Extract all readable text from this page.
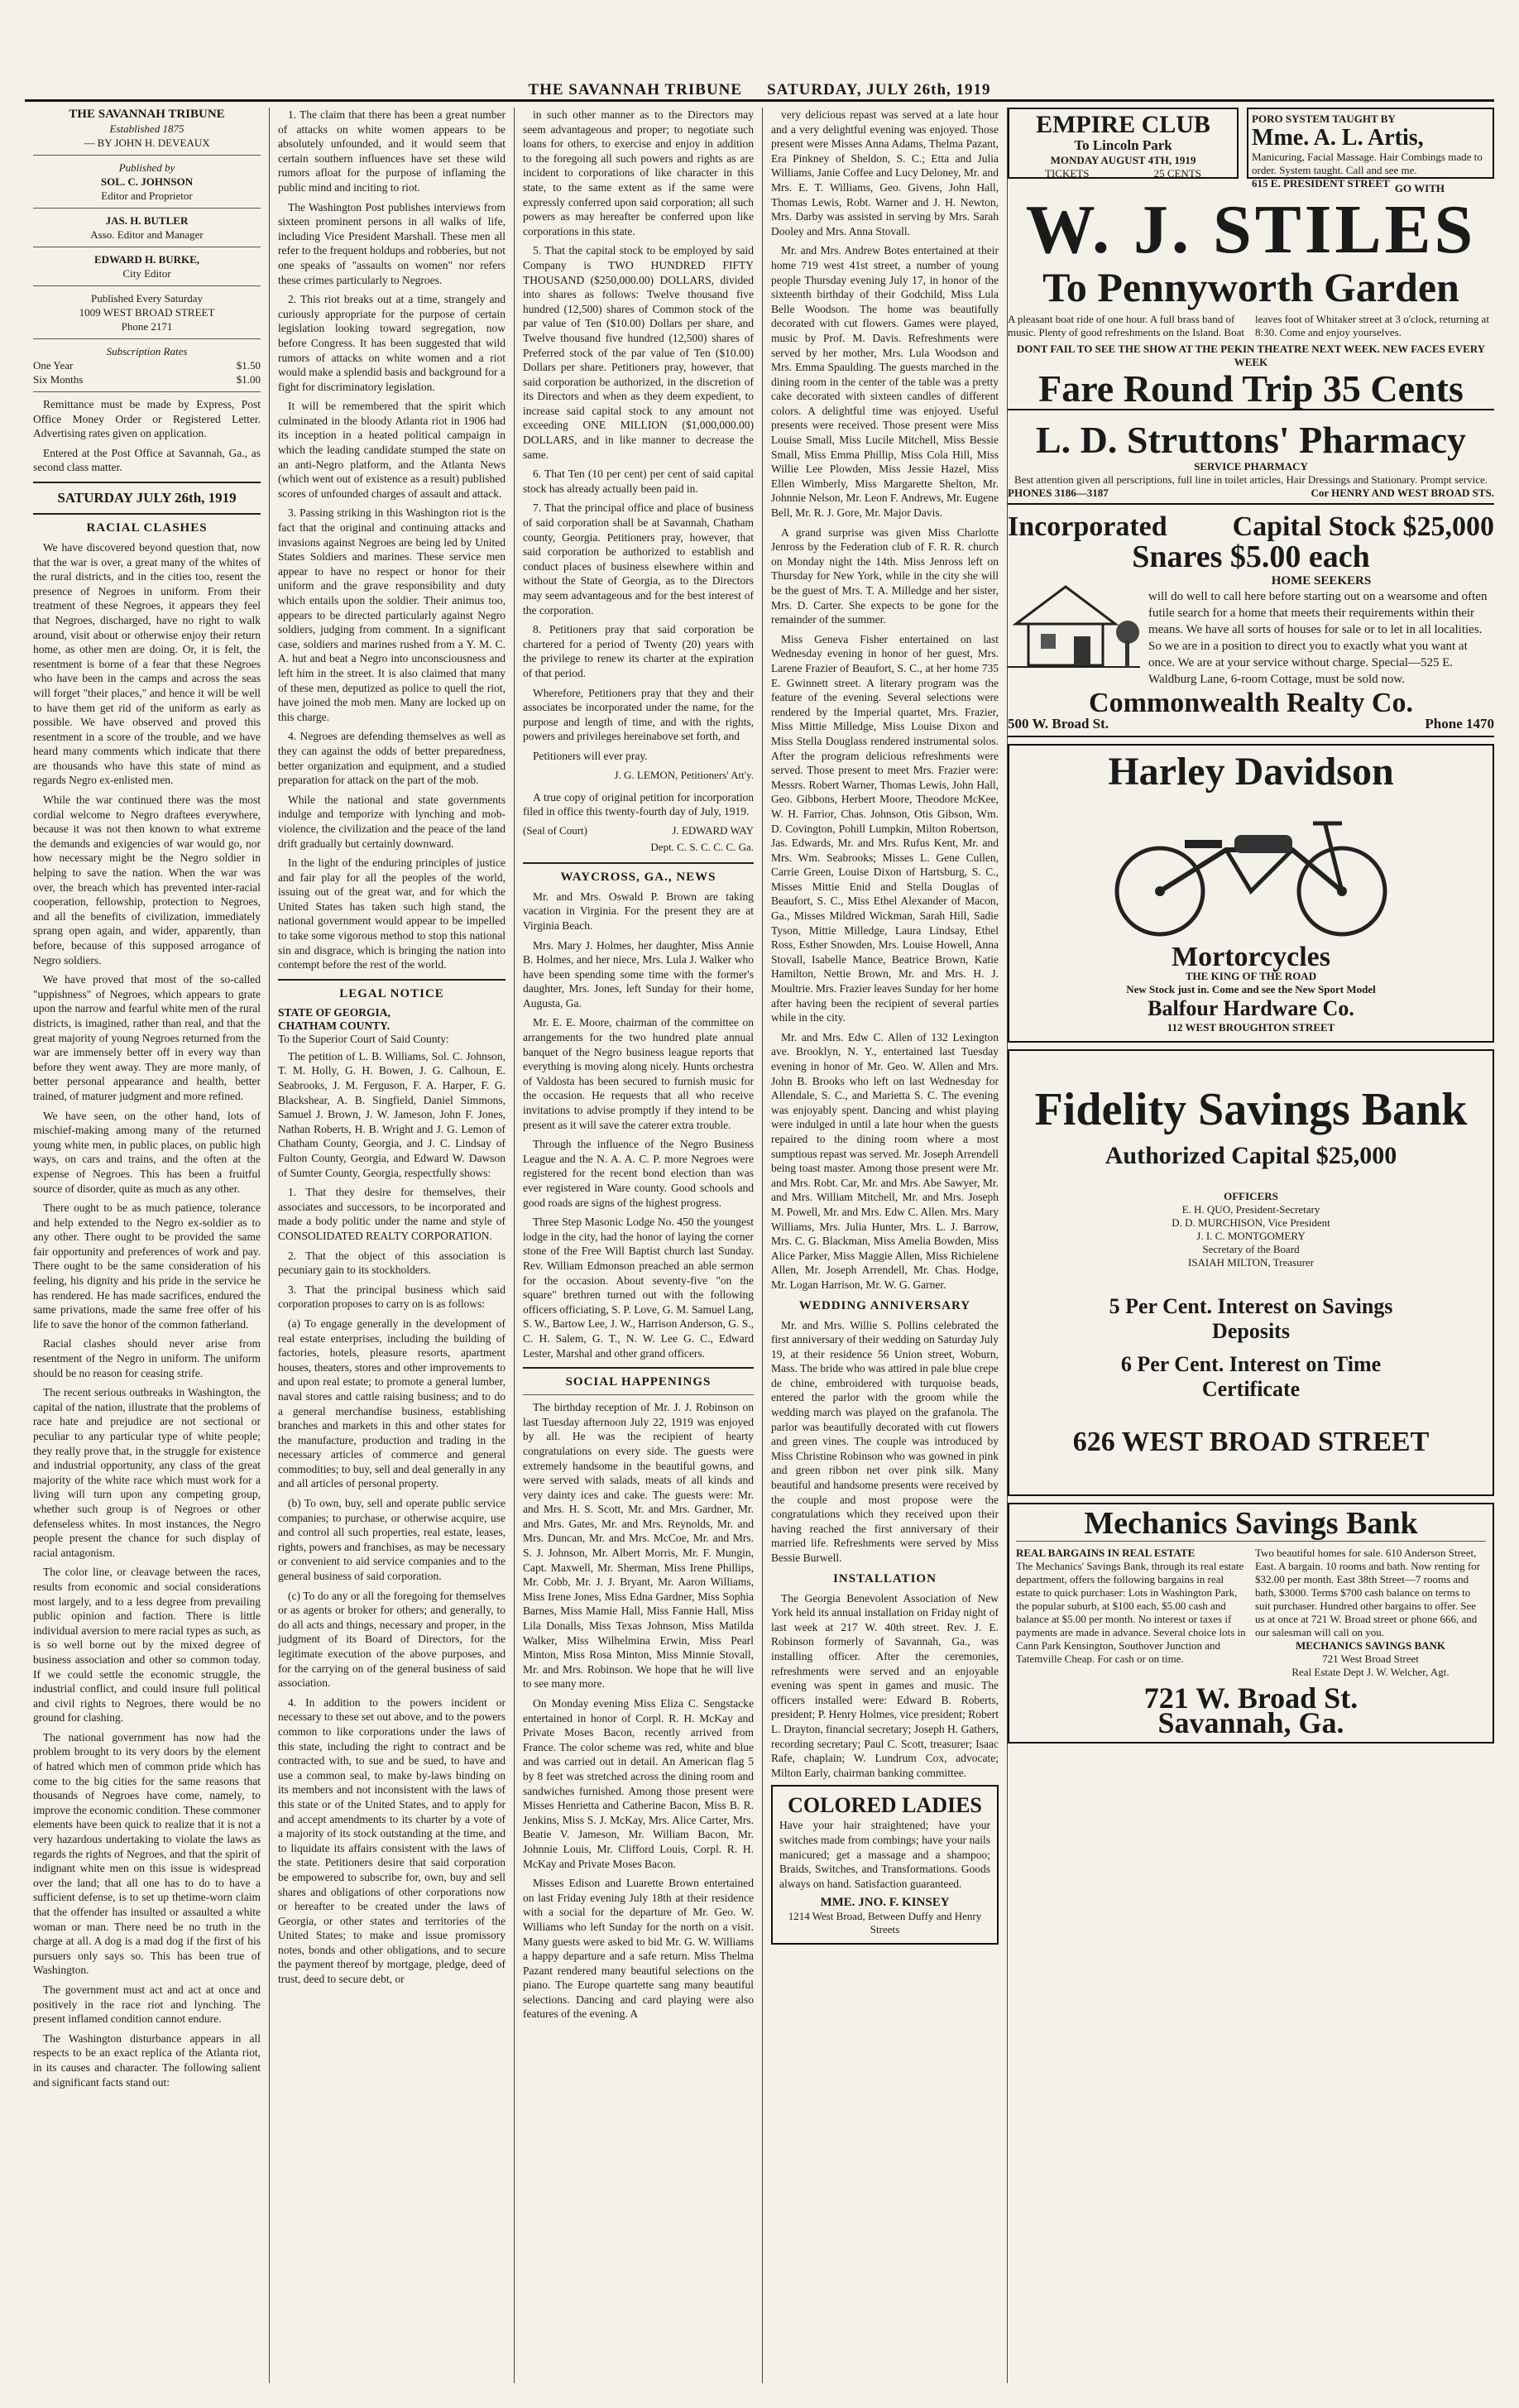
THE SAVANNAH TRIBUNE SATURDAY, JULY 26th, 1919
THE SAVANNAH TRIBUNE
Established 1875
— BY JOHN H. DEVEAUX
Published by
SOL. C. JOHNSON
Editor and Proprietor
JAS. H. BUTLER
Asso. Editor and Manager
EDWARD H. BURKE,
City Editor
Published Every Saturday
1009 WEST BROAD STREET
Phone 2171
Subscription Rates
One Year	$1.50
Six Months	$1.00

Remittance must be made by Express, Post Office Money Order or Registered Letter. Advertising rates given on application.

Entered at the Post Office at Savannah, Ga., as second class matter.

SATURDAY JULY 26th, 1919
RACIAL CLASHES

We have discovered beyond question that, now that the war is over, a great many of the whites of the rural districts, and in the cities too, resent the presence of Negroes in uniform. From their treatment of these Negroes, it appears they feel that Negroes, discharged, have no right to walk around, visit about or otherwise enjoy their return home, as other men are doing. Or, it is felt, the resentment is borne of a fear that these Negroes who have been in the camps and across the seas will forget "their places," and hence it will be well to have them get rid of the uniform as early as possible. We have observed and proved this resentment in a score of the trouble, and we have heard many comments which indicate that there are thousands who have this state of mind as regards Negro ex-enlisted men.

While the war continued there was the most cordial welcome to Negro draftees everywhere, because it was not then known to what extreme the demands and exigencies of war would go, nor how necessary might be the Negro soldier in helping to save the nation. When the war was over, the breach which has prevented inter-racial cooperation, fellowship, protection to Negroes, and all the benefits of civilization, immediately sprang open again, and wider, apparently, than before, because of this supposed arrogance of Negro soldiers.

We have proved that most of the so-called "uppishness" of Negroes, which appears to grate upon the narrow and fearful white men of the rural districts, is imagined, rather than real, and that the great majority of young Negroes returned from the war are immensely better off in every way than before they went away. They are more manly, of better personal appearance and health, better trained, of maturer judgment and more refined.

We have seen, on the other hand, lots of mischief-making among many of the returned young white men, in public places, on public high ways, on cars and trains, and the often at the expense of Negroes. This has been a fruitful source of disorder, quite as much as any other.

There ought to be as much patience, tolerance and help extended to the Negro ex-soldier as to any other. There ought to be provided the same fair opportunity and preferences of work and pay. There ought to be the same consideration of his feeling, his dignity and his pride in the service he has rendered. He has made sacrifices, endured the same privations, made the same free offer of his life to save the honor of the common fatherland.

Racial clashes should never arise from resentment of the Negro in uniform. The uniform should be no reason for ceasing strife.

The recent serious outbreaks in Washington, the capital of the nation, illustrate that the problems of race hate and prejudice are not sectional or peculiar to any particular type of white people; they really prove that, in the struggle for existence and industrial opportunity, any class of the great majority of the white race which must work for a living will turn upon any competing group, whether such group is of Negroes or other defenseless whites. In most instances, the Negro people present the chance for such display of racial antagonism.

The color line, or cleavage between the races, results from economic and social considerations most largely, and to a less degree from prevailing public opinion and faction. There is little individual aversion to mere racial types as such, as is so well borne out by the mixed degree of business association and other so common today. If we could settle the economic struggle, the industrial conflict, and could insure full political and civil rights to Negroes, there would be no ground for clashing.

The national government has now had the problem brought to its very doors by the element of hatred which men of common pride which has come to the big cities for the same reasons that thousands of Negroes have come, namely, to improve the economic condition. These commoner elements have been quick to realize that it is not a very hazardous undertaking to violate the laws as regards the rights of Negroes, and that the spirit of indignant white men on this issue is widespread over the land; that all one has to do to have a sufficient defense, is to set up thetime-worn claim that the offender has insulted or assaulted a white woman or man. There need be no truth in the charge at all. A dog is a mad dog if the first of his pursuers only says so. This has been true of Washington.

The government must act and act at once and positively in the race riot and lynching. The present inflamed condition cannot endure.

The Washington disturbance appears in all respects to be an exact replica of the Atlanta riot, in its causes and character. The following salient and significant facts stand out:

1. The claim that there has been a great number of attacks on white women appears to be absolutely unfounded, and it would seem that certain southern influences have set these wild rumors afloat for the purpose of inflaming the public mind and inciting to riot.

The Washington Post publishes interviews from sixteen prominent persons in all walks of life, including Vice President Marshall. These men all refer to the frequent holdups and robberies, but not one speaks of "assaults on women" nor refers these crimes particularly to Negroes.

2. This riot breaks out at a time, strangely and curiously appropriate for the purpose of certain legislation looking toward segregation, now before Congress. It has been suggested that wild rumors of attacks on white women and a riot would make a splendid basis and background for a fight for discriminatory legislation.

It will be remembered that the spirit which culminated in the bloody Atlanta riot in 1906 had its inception in a heated political campaign in which the leading candidate stumped the state on an anti-Negro platform, and the Atlanta News (which went out of existence as a result) published scores of unfounded charges of assault and attack.

3. Passing striking in this Washington riot is the fact that the original and continuing attacks and invasions against Negroes are being led by United States Soldiers and marines. These service men appear to have no respect or honor for their uniform and the grave responsibility and duty which entails upon the soldier. Their animus too, appears to be directed particularly against Negro soldiers, judging from comment. In a significant case, soldiers and marines rushed from a Y. M. C. A. hut and beat a Negro into unconsciousness and left him in the street. It is also claimed that many of these men, deputized as police to quell the riot, have joined the mob men. Many are locked up on this charge.

4. Negroes are defending themselves as well as they can against the odds of better preparedness, better organization and equipment, and a studied preparation for attack on the part of the mob.

While the national and state governments indulge and temporize with lynching and mob-violence, the civilization and the peace of the land drift gradually but certainly downward.

In the light of the enduring principles of justice and fair play for all the peoples of the world, issuing out of the great war, and for which the United States has taken such high stand, the national government would appear to be impelled to take some vigorous method to stop this national sin and disgrace, which is bringing the nation into contempt before the rest of the world.

LEGAL NOTICE
STATE OF GEORGIA,
CHATHAM COUNTY.
To the Superior Court of Said County:

The petition of L. B. Williams, Sol. C. Johnson, T. M. Holly, G. H. Bowen, J. G. Calhoun, E. Seabrooks, J. M. Ferguson, F. A. Harper, F. G. Blackshear, A. B. Singfield, Daniel Simmons, Samuel J. Brown, J. W. Jameson, John F. Jones, Nathan Roberts, H. B. Wright and J. G. Lemon of Chatham County, Georgia, and J. C. Lindsay of Fulton County, Georgia, and Edward W. Dawson of Sumter County, Georgia, respectfully shows:

1. That they desire for themselves, their associates and successors, to be incorporated and made a body politic under the name and style of CONSOLIDATED REALTY CORPORATION.

2. That the object of this association is pecuniary gain to its stockholders.

3. That the principal business which said corporation proposes to carry on is as follows:

(a) To engage generally in the development of real estate enterprises, including the building of factories, hotels, pleasure resorts, apartment houses, theaters, stores and other improvements to and upon real estate; to promote a general lumber, naval stores and cattle raising business; and to do a general merchandise business, establishing branches and markets in this and other states for the manufacture, production and trading in the necessary articles of commerce and general commodities; to buy, sell and deal generally in any and all articles of personal property.

(b) To own, buy, sell and operate public service companies; to purchase, or otherwise acquire, use and control all such properties, real estate, leases, rights, powers and franchises, as may be necessary or convenient to aid service companies and to the general business of said corporation.

(c) To do any or all the foregoing for themselves or as agents or broker for others; and generally, to do all acts and things, necessary and proper, in the judgment of its Board of Directors, for the legitimate execution of the above purposes, and for the carrying on of the general business of said association.

4. In addition to the powers incident or necessary to these set out above, and to the powers common to like corporations under the laws of this state, including the right to contract and be contracted with, to sue and be sued, to have and use a common seal, to make by-laws binding on its members and not inconsistent with the laws of this state or of the United States, and to apply for and accept amendments to its charter by a vote of a majority of its stock outstanding at the time, and to liquidate its affairs consistent with the laws of the state. Petitioners desire that said corporation be empowered to subscribe for, own, buy and sell shares and obligations of other corporations now or hereafter to be created under the laws of Georgia, or other states and territories of the United States; to make and issue promissory notes, bonds and other obligations, and to secure the payment thereof by mortgage, pledge, deed of trust, deed to secure debt, or

in such other manner as to the Directors may seem advantageous and proper; to negotiate such loans for others, to exercise and enjoy in addition to the foregoing all such powers and rights as are incident to corporations of like character in this state, to the same extent as if the same were expressly conferred upon said corporation; all such powers as may hereafter be conferred upon like corporations in this state.

5. That the capital stock to be employed by said Company is TWO HUNDRED FIFTY THOUSAND ($250,000.00) DOLLARS, divided into shares as follows: Twelve thousand five hundred (12,500) shares of Common stock of the par value of Ten ($10.00) Dollars per share, and Twelve thousand five hundred (12,500) shares of Preferred stock of the par value of Ten ($10.00) Dollars per share. Petitioners pray, however, that said corporation be authorized, in the discretion of its Directors and when as they deem expedient, to increase said capital stock to any amount not exceeding ONE MILLION ($1,000,000.00) DOLLARS, and in like manner to decrease the same.

6. That Ten (10 per cent) per cent of said capital stock has already actually been paid in.

7. That the principal office and place of business of said corporation shall be at Savannah, Chatham county, Georgia. Petitioners pray, however, that said corporation be authorized to establish and conduct places of business elsewhere within and without the State of Georgia, as to the Directors may seem advantageous and for the best interest of the corporation.

8. Petitioners pray that said corporation be chartered for a period of Twenty (20) years with the privilege to renew its charter at the expiration of that period.

Wherefore, Petitioners pray that they and their associates be incorporated under the name, for the purpose and length of time, and with the rights, powers and privileges hereinabove set forth, and

Petitioners will ever pray.

J. G. LEMON, Petitioners' Att'y.

A true copy of original petition for incorporation filed in office this twenty-fourth day of July, 1919.

(Seal of Court)	J. EDWARD WAY
Dept. C. S. C. C. C. Ga.
WAYCROSS, GA., NEWS

Mr. and Mrs. Oswald P. Brown are taking vacation in Virginia. For the present they are at Virginia Beach.

Mrs. Mary J. Holmes, her daughter, Miss Annie B. Holmes, and her niece, Mrs. Lula J. Walker who have been spending some time with the former's daughter, Mrs. Jones, left Sunday for their home, Augusta, Ga.

Mr. E. E. Moore, chairman of the committee on arrangements for the two hundred plate annual banquet of the Negro business league reports that everything is moving along nicely. Hunts orchestra of Valdosta has been secured to furnish music for the occasion. He requests that all who receive invitations to advise promptly if they intend to be present as it will save the caterer extra trouble.

Through the influence of the Negro Business League and the N. A. A. C. P. more Negroes were registered for the recent bond election than was ever registered in Ware county. Good schools and good roads are signs of the highest progress.

Three Step Masonic Lodge No. 450 the youngest lodge in the city, had the honor of laying the corner stone of the Free Will Baptist church last Sunday. Rev. William Edmonson preached an able sermon for the occasion. About seventy-five "on the square" brethren turned out with the following officers officiating, S. P. Love, G. M. Samuel Lang, S. W., Bartow Lee, J. W., Harrison Anderson, G. S., C. H. Salem, G. T., N. W. Lee G. C., Edward Lester, Marshal and other grand officers.

SOCIAL HAPPENINGS

The birthday reception of Mr. J. J. Robinson on last Tuesday afternoon July 22, 1919 was enjoyed by all. He was the recipient of hearty congratulations on every side. The guests were extremely handsome in the beautiful gowns, and were served with salads, meats of all kinds and very dainty ices and cake. The guests were: Mr. and Mrs. H. S. Scott, Mr. and Mrs. Gardner, Mr. and Mrs. Gates, Mr. and Mrs. Reynolds, Mr. and Mrs. Duncan, Mr. and Mrs. McCoe, Mr. and Mrs. S. J. Johnson, Mr. Albert Morris, Mr. F. Mungin, Capt. Maxwell, Mr. Sherman, Miss Irene Phillips, Mr. Cobb, Mr. J. J. Bryant, Mr. Aaron Williams, Miss Irene Jones, Miss Edna Gardner, Miss Sophia Barnes, Miss Mamie Hall, Miss Fannie Hall, Miss Lila Donalls, Miss Texas Johnson, Miss Matilda Walker, Miss Wilhelmina Erwin, Miss Pearl Minton, Miss Rosa Minton, Miss Minnie Stovall, Mr. and Mrs. Robinson. We hope that he will live to see many more.

On Monday evening Miss Eliza C. Sengstacke entertained in honor of Corpl. R. H. McKay and Private Moses Bacon, recently arrived from France. The color scheme was red, white and blue and was carried out in detail. An American flag 5 by 8 feet was stretched across the dining room and sandwiches furnished. Among those present were Misses Henrietta and Catherine Bacon, Miss B. R. Jenkins, Miss S. J. McKay, Mrs. Alice Carter, Mrs. Beatie V. Jameson, Mr. William Bacon, Mr. Johnnie Louis, Mr. Clifford Louis, Corpl. R. H. McKay and Private Moses Bacon.

Misses Edison and Luarette Brown entertained on last Friday evening July 18th at their residence with a social for the departure of Mr. Geo. W. Williams who left Sunday for the north on a visit. Many guests were asked to bid Mr. G. W. Williams a happy departure and a safe return. Miss Thelma Pazant rendered many beautiful selections on the piano. The Europe quartette sang many beautiful selections. Dancing and card playing were also features of the evening. A

very delicious repast was served at a late hour and a very delightful evening was enjoyed. Those present were Misses Anna Adams, Thelma Pazant, Era Pinkney of Sheldon, S. C.; Etta and Julia Williams, Janie Coffee and Lucy Deloney, Mr. and Mrs. E. T. Williams, Geo. Givens, John Hall, Thomas Lewis, Robt. Warner and J. H. Newton, Mrs. Darby was assisted in serving by Mrs. Sarah Dooley and Mrs. Anna Stovall.

Mr. and Mrs. Andrew Botes entertained at their home 719 west 41st street, a number of young people Thursday evening July 17, in honor of the sixteenth birthday of their Godchild, Miss Lula Belle Woodson. The home was beautifully decorated with cut flowers. Games were played, music by Prof. M. Davis. Refreshments were served by her mother, Mrs. Lula Woodson and Mrs. Emma Spaulding. The guests marched in the dining room in the center of the table was a pretty cake decorated with sixteen candles of different colors. A delightful time was enjoyed. Useful presents were received. Those present were Miss Louise Small, Miss Lucile Mitchell, Miss Bessie Small, Miss Emma Phillip, Miss Cola Hill, Miss Willie Lee Plowden, Miss Jessie Hazel, Miss Ellen Wimberly, Miss Margarette Shelton, Mr. Johnnie Nelson, Mr. Leon F. Andrews, Mr. Eugene Bell, Mr. R. J. Gore, Mr. Major Davis.

A grand surprise was given Miss Charlotte Jenross by the Federation club of F. R. R. church on Monday night the 14th. Miss Jenross left on Thursday for New York, while in the city she will be the guest of Mrs. T. A. Milledge and her sister, Mrs. D. Carter. She expects to be gone for the remainder of the summer.

Miss Geneva Fisher entertained on last Wednesday evening in honor of her guest, Mrs. Larene Frazier of Beaufort, S. C., at her home 735 E. Gwinnett street. A literary program was the feature of the evening. Several selections were rendered by the Imperial quartet, Mrs. Frazier, Miss Mittie Milledge, Miss Louise Dixon and Miss Stella Douglass rendered instrumental solos. After the program delicious refreshments were served. Those present to meet Mrs. Frazier were: Messrs. Robert Warner, Thomas Lewis, John Hall, Geo. Gibbons, Herbert Moore, Theodore McKee, W. H. Farrior, Chas. Johnson, Otis Gibson, Wm. D. Covington, Pohill Lumpkin, Milton Robertson, Jas. Edwards, Mr. and Mrs. Rufus Kent, Mr. and Mrs. Wm. Seabrooks; Misses L. Gene Cullen, Carrie Green, Louise Dixon of Hartsburg, S. C., Misses Mittie Enid and Stella Douglas of Beaufort, S. C., Miss Ethel Alexander of Macon, Ga., Misses Mildred Wickman, Sarah Hill, Sadie Tyson, Mittie Milledge, Laura Lindsay, Ethel Ross, Esther Snowden, Mrs. Louise Howell, Anna Stovall, Isabelle Mance, Beatrice Brown, Katie Hamilton, Nettie Brown, Mr. and Mrs. H. J. Moultrie. Mrs. Frazier leaves Sunday for her home after having been the recipient of several parties while in the city.

Mr. and Mrs. Edw C. Allen of 132 Lexington ave. Brooklyn, N. Y., entertained last Tuesday evening in honor of Mr. Geo. W. Allen and Mrs. John B. Brooks who left on last Wednesday for Allendale, S. C., and Marietta S. C. The evening was enjoyably spent. Dancing and whist playing were indulged in until a late hour when the guests repaired to the dining room where a most sumptious repast was served. Mr. Joseph Arrendell being toast master. Among those present were Mr. and Mrs. Robt. Car, Mr. and Mrs. Abe Sawyer, Mr. and Mrs. William Mitchell, Mr. and Mrs. Joseph M. Powell, Mr. and Mrs. Edw C. Allen. Mrs. Mary Williams, Mrs. Julia Hunter, Mrs. L. J. Barrow, Mrs. C. G. Blackman, Miss Amelia Bowden, Miss Alice Parker, Miss Maggie Allen, Miss Richielene Allen, Mr. Joseph Arrendell, Mr. Chas. Hodge, Mr. Logan Harrison, Mr. W. G. Garner.

WEDDING ANNIVERSARY

Mr. and Mrs. Willie S. Pollins celebrated the first anniversary of their wedding on Saturday July 19, at their residence 56 Union street, Woburn, Mass. The bride who was attired in pale blue crepe de chine, embroidered with turquoise beads, entered the parlor with the groom while the wedding march was played on the grafanola. The parlor was beautifully decorated with cut flowers and green vines. The couple was introduced by Miss Christine Robinson who was gowned in pink and green ribbon net over pink silk. Many beautiful and handsome presents were received by the couple and most propose were the congratulations which they received upon their having reached the first anniversary of their married life. Refreshments were served by Miss Bessie Burwell.

INSTALLATION

The Georgia Benevolent Association of New York held its annual installation on Friday night of last week at 217 W. 40th street. Rev. J. E. Robinson formerly of Savannah, Ga., was installing officer. After the ceremonies, refreshments were served and an enjoyable evening was spent in games and music. The officers installed were: Edward B. Roberts, president; P. Henry Holmes, vice president; Robert L. Drayton, financial secretary; Joseph H. Gathers, recording secretary; Paul C. Scott, treasurer; Isaac Rafe, chaplain; W. Lundrum Cox, advocate; Milton Early, chairman banking committee.

COLORED LADIES

Have your hair straightened; have your switches made from combings; have your nails manicured; get a massage and a shampoo; Braids, Switches, and Transformations. Goods always on hand. Satisfaction guaranteed.

MME. JNO. F. KINSEY
1214 West Broad, Between Duffy and Henry Streets
EMPIRE CLUB
To Lincoln Park
MONDAY AUGUST 4TH, 1919
TICKETS	25 CENTS
PORO SYSTEM TAUGHT BY
Mme. A. L. Artis,
Manicuring, Facial Massage. Hair Combings made to order. System taught. Call and see me.
615 E. PRESIDENT STREET GO WITH
W. J. STILES
To Pennyworth Garden
A pleasant boat ride of one hour. A full brass band of music. Plenty of good refreshments on the Island. Boat
leaves foot of Whitaker street at 3 o'clock, returning at 8:30. Come and enjoy yourselves.
DONT FAIL TO SEE THE SHOW AT THE PEKIN THEATRE NEXT WEEK. NEW FACES EVERY WEEK
Fare Round Trip 35 Cents
L. D. Struttons' Pharmacy
SERVICE PHARMACY
Best attention given all perscriptions, full line in toilet articles, Hair Dressings and Stationary. Prompt service.
PHONES 3186—3187	Cor HENRY AND WEST BROAD STS.
Incorporated Capital Stock $25,000
Snares $5.00 each
HOME SEEKERS
will do well to call here before starting out on a wearsome and often futile search for a home that meets their requirements within their means. We have all sorts of houses for sale or to let in all localities. So we are in a position to direct you to exactly what you want at once. We are at your service without charge. Special—525 E. Waldburg Lane, 6-room Cottage, must be sold now.
Commonwealth Realty Co.
500 W. Broad St.	Phone 1470
Harley Davidson
Mortorcycles
THE KING OF THE ROAD
New Stock just in. Come and see the New Sport Model
Balfour Hardware Co.
112 WEST BROUGHTON STREET
Fidelity Savings Bank
Authorized Capital $25,000
OFFICERS
E. H. QUO, President-Secretary
D. D. MURCHISON, Vice President
J. I. C. MONTGOMERY
Secretary of the Board
ISAIAH MILTON, Treasurer
5 Per Cent. Interest on Savings
Deposits
6 Per Cent. Interest on Time
Certificate
626 WEST BROAD STREET
Mechanics Savings Bank
REAL BARGAINS IN REAL ESTATE
The Mechanics' Savings Bank, through its real estate department, offers the following bargains in real estate to quick purchaser: Lots in Washington Park, the popular suburb, at $100 each, $5.00 cash and balance at $5.00 per month. No interest or taxes if payments are made in advance. Several choice lots in Cann Park Kensington, Southover Junction and Tatemville Cheap. For cash or on time.
Two beautiful homes for sale. 610 Anderson Street, East. A bargain. 10 rooms and bath. Now renting for $32.00 per month. East 38th Street—7 rooms and bath, $3000. Terms $700 cash balance on terms to suit purchaser. Hundred other bargains to offer. See us at once at 721 W. Broad street or phone 666, and our salesman will call on you.
MECHANICS SAVINGS BANK
721 West Broad Street
Real Estate Dept J. W. Welcher, Agt.
721 W. Broad St.
Savannah, Ga.
